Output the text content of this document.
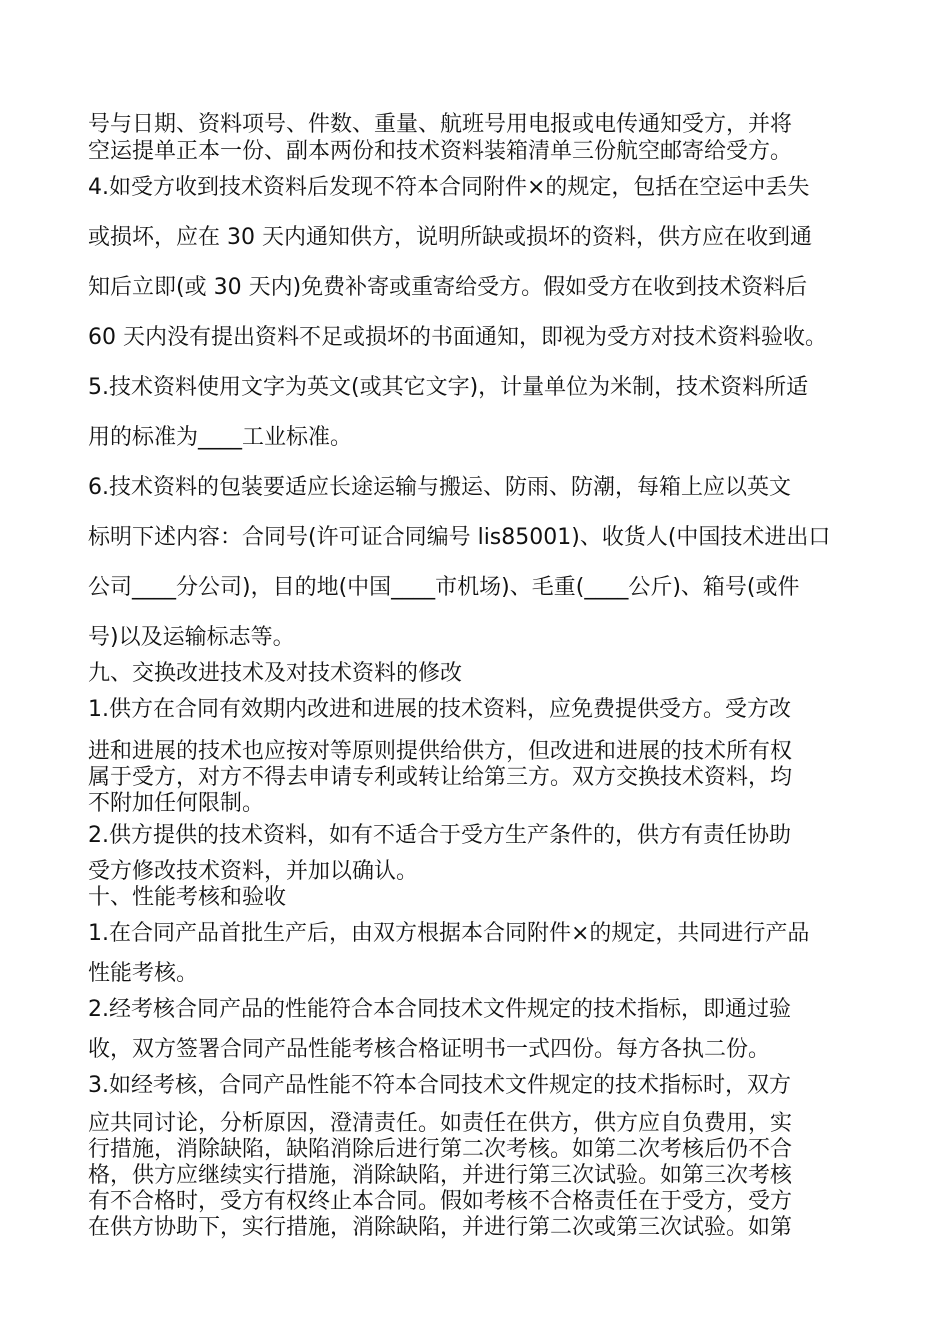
号与日期、资料项号、件数、重量、航班号用电报或电传通知受方，并将
空运提单正本一份、副本两份和技术资料装箱清单三份航空邮寄给受方。
4.如受方收到技术资料后发现不符本合同附件×的规定，包括在空运中丢失
或损坏，应在 30 天内通知供方，说明所缺或损坏的资料，供方应在收到通
知后立即(或 30 天内)免费补寄或重寄给受方。假如受方在收到技术资料后
60 天内没有提出资料不足或损坏的书面通知，即视为受方对技术资料验收。
5.技术资料使用文字为英文(或其它文字)，计量单位为米制，技术资料所适
用的标准为____工业标准。
6.技术资料的包装要适应长途运输与搬运、防雨、防潮，每箱上应以英文
标明下述内容：合同号(许可证合同编号 lis85001)、收货人(中国技术进出口
公司____分公司)，目的地(中国____市机场)、毛重(____公斤)、箱号(或件
号)以及运输标志等。
九、交换改进技术及对技术资料的修改
1.供方在合同有效期内改进和进展的技术资料，应免费提供受方。受方改
进和进展的技术也应按对等原则提供给供方，但改进和进展的技术所有权
属于受方，对方不得去申请专利或转让给第三方。双方交换技术资料，均
不附加任何限制。
2.供方提供的技术资料，如有不适合于受方生产条件的，供方有责任协助
受方修改技术资料，并加以确认。
十、性能考核和验收
1.在合同产品首批生产后，由双方根据本合同附件×的规定，共同进行产品
性能考核。
2.经考核合同产品的性能符合本合同技术文件规定的技术指标，即通过验
收，双方签署合同产品性能考核合格证明书一式四份。每方各执二份。
3.如经考核，合同产品性能不符本合同技术文件规定的技术指标时，双方
应共同讨论，分析原因，澄清责任。如责任在供方，供方应自负费用，实
行措施，消除缺陷，缺陷消除后进行第二次考核。如第二次考核后仍不合
格，供方应继续实行措施，消除缺陷，并进行第三次试验。如第三次考核
有不合格时，受方有权终止本合同。假如考核不合格责任在于受方，受方
在供方协助下，实行措施，消除缺陷，并进行第二次或第三次试验。如第
